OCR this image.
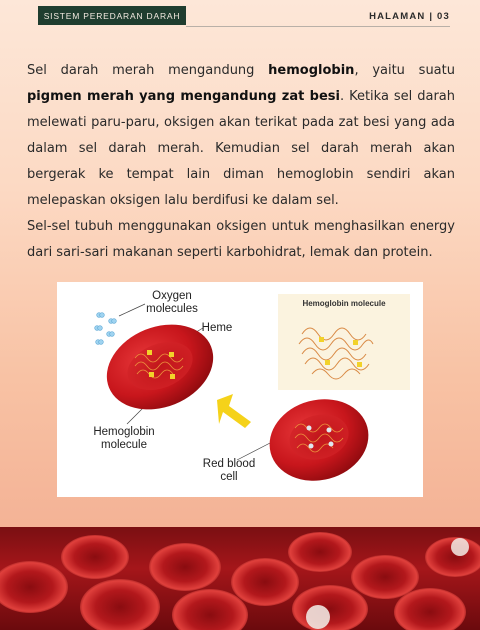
SISTEM PEREDARAN DARAH	HALAMAN | 03

Sel darah merah mengandung hemoglobin, yaitu suatu pigmen merah yang mengandung zat besi. Ketika sel darah melewati paru-paru, oksigen akan terikat pada zat besi yang ada dalam sel darah merah. Kemudian sel darah merah akan bergerak ke tempat lain diman hemoglobin sendiri akan melepaskan oksigen lalu berdifusi ke dalam sel.

Sel-sel tubuh menggunakan oksigen untuk menghasilkan energy dari sari-sari makanan seperti karbohidrat, lemak dan protein.

Oxygen molecules
Heme
Hemoglobin molecule
Red blood cell
Hemoglobin molecule
